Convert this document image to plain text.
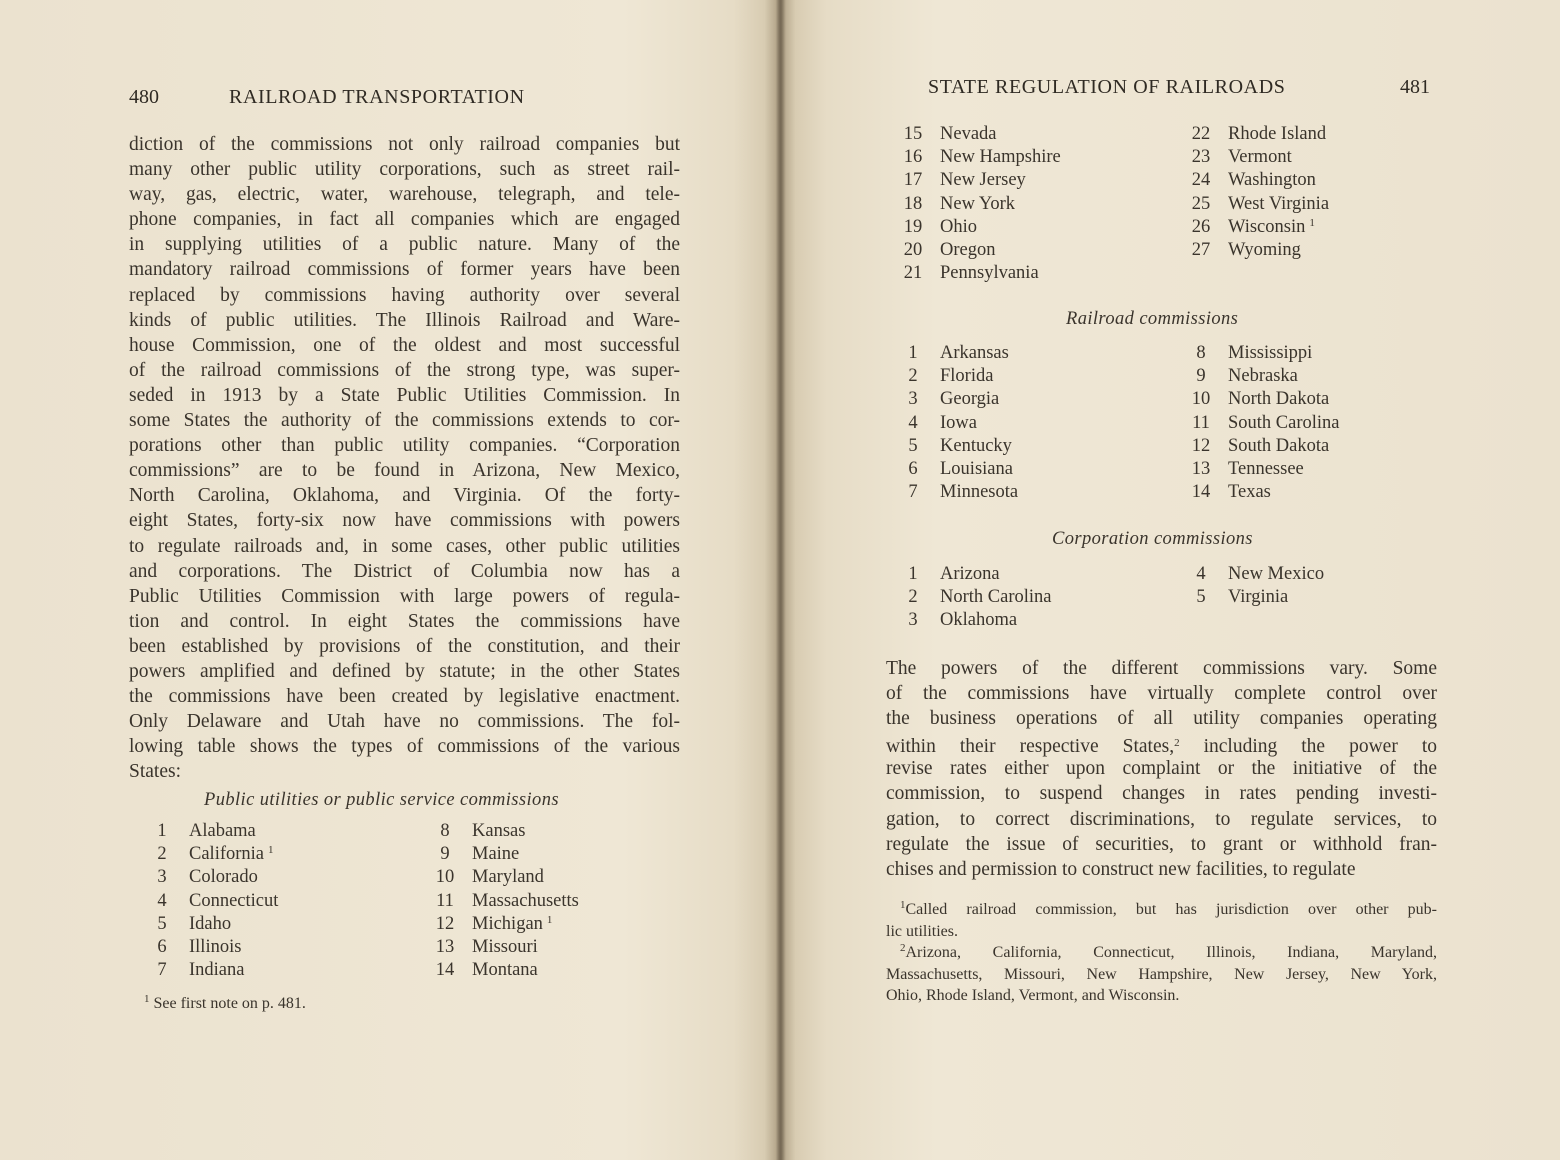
480	RAILROAD TRANSPORTATION
diction of the commissions not only railroad companies but
many other public utility corporations, such as street rail-
way, gas, electric, water, warehouse, telegraph, and tele-
phone companies, in fact all companies which are engaged
in supplying utilities of a public nature. Many of the
mandatory railroad commissions of former years have been
replaced by commissions having authority over several
kinds of public utilities. The Illinois Railroad and Ware-
house Commission, one of the oldest and most successful
of the railroad commissions of the strong type, was super-
seded in 1913 by a State Public Utilities Commission. In
some States the authority of the commissions extends to cor-
porations other than public utility companies. “Corporation
commissions” are to be found in Arizona, New Mexico,
North Carolina, Oklahoma, and Virginia. Of the forty-
eight States, forty-six now have commissions with powers
to regulate railroads and, in some cases, other public utilities
and corporations. The District of Columbia now has a
Public Utilities Commission with large powers of regula-
tion and control. In eight States the commissions have
been established by provisions of the constitution, and their
powers amplified and defined by statute; in the other States
the commissions have been created by legislative enactment.
Only Delaware and Utah have no commissions. The fol-
lowing table shows the types of commissions of the various
States:
Public utilities or public service commissions
1 Alabama
2 California $^1$
3 Colorado
4 Connecticut
5 Idaho
6 Illinois
7 Indiana
8 Kansas
9 Maine
10 Maryland
11 Massachusetts
12 Michigan $^1$
13 Missouri
14 Montana
$^1$ See first note on p. 481.
STATE REGULATION OF RAILROADS	481
15 Nevada
16 New Hampshire
17 New Jersey
18 New York
19 Ohio
20 Oregon
21 Pennsylvania
22 Rhode Island
23 Vermont
24 Washington
25 West Virginia
26 Wisconsin $^1$
27 Wyoming
Railroad commissions
1 Arkansas
2 Florida
3 Georgia
4 Iowa
5 Kentucky
6 Louisiana
7 Minnesota
8 Mississippi
9 Nebraska
10 North Dakota
11 South Carolina
12 South Dakota
13 Tennessee
14 Texas
Corporation commissions
1 Arizona
2 North Carolina
3 Oklahoma
4 New Mexico
5 Virginia
The powers of the different commissions vary. Some
of the commissions have virtually complete control over
the business operations of all utility companies operating
within their respective States,$^2$ including the power to
revise rates either upon complaint or the initiative of the
commission, to suspend changes in rates pending investi-
gation, to correct discriminations, to regulate services, to
regulate the issue of securities, to grant or withhold fran-
chises and permission to construct new facilities, to regulate
$^1$Called railroad commission, but has jurisdiction over other pub-
lic utilities.
$^2$Arizona, California, Connecticut, Illinois, Indiana, Maryland,
Massachusetts, Missouri, New Hampshire, New Jersey, New York,
Ohio, Rhode Island, Vermont, and Wisconsin.
